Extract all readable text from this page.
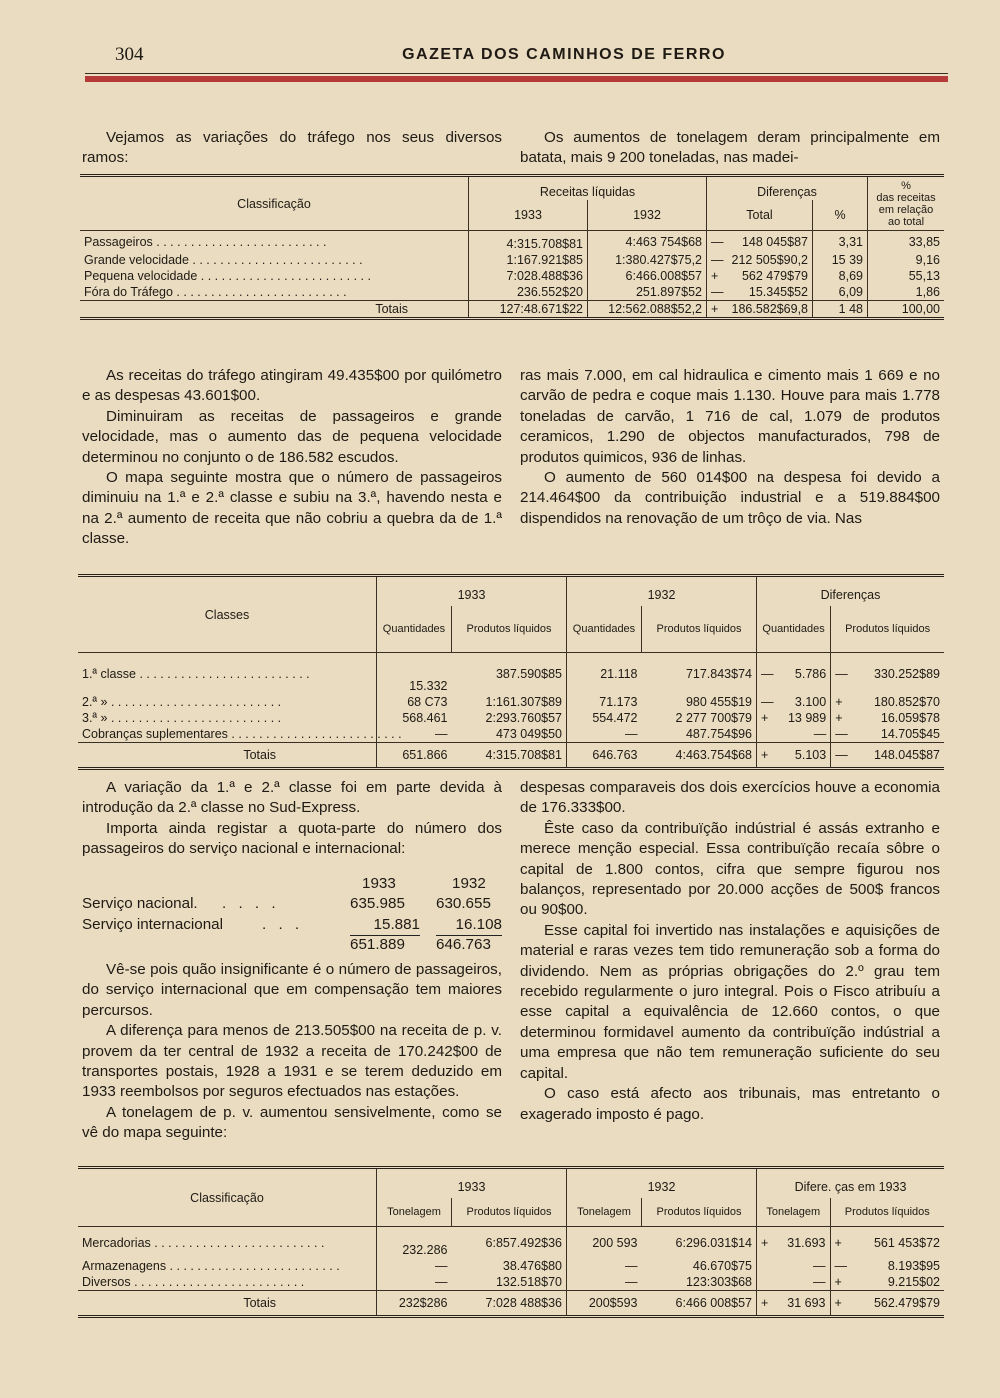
304	GAZETA DOS CAMINHOS DE FERRO

Vejamos as variações do tráfego nos seus diversos ramos:

Os aumentos de tonelagem deram principalmente em batata, mais 9 200 toneladas, nas madei-

Classificação	Receitas líquidas		Diferenças			%
das receitas em relação ao total
	1933	1932	Total		%	
Passageiros . . . . . . . . . . . . . . . . . . . . . . . . .	4:315.708$81	4:463 754$68	—	148 045$87	3,31	33,85
Grande velocidade . . . . . . . . . . . . . . . . . . . . . . . . .	1:167.921$85	1:380.427$75,2	—	212 505$90,2	15 39	9,16
Pequena velocidade . . . . . . . . . . . . . . . . . . . . . . . . .	7:028.488$36	6:466.008$57	+	562 479$79	8,69	55,13
Fóra do Tráfego . . . . . . . . . . . . . . . . . . . . . . . . .	236.552$20	251.897$52	—	15.345$52	6,09	1,86
Totais	127:48.671$22	12:562.088$52,2	+	186.582$69,8	1 48	100,00

As receitas do tráfego atingiram 49.435$00 por quilómetro e as despesas 43.601$00.

Diminuiram as receitas de passageiros e grande velocidade, mas o aumento das de pequena velocidade determinou no conjunto o de 186.582 escudos.

O mapa seguinte mostra que o número de passageiros diminuiu na 1.ª e 2.ª classe e subiu na 3.ª, havendo nesta e na 2.ª aumento de receita que não cobriu a quebra da de 1.ª classe.

ras mais 7.000, em cal hidraulica e cimento mais 1 669 e no carvão de pedra e coque mais 1.130. Houve para mais 1.778 toneladas de carvão, 1 716 de cal, 1.079 de produtos ceramicos, 1.290 de objectos manufacturados, 798 de produtos quimicos, 936 de linhas.

O aumento de 560 014$00 na despesa foi devido a 214.464$00 da contribuição industrial e a 519.884$00 dispendidos na renovação de um trôço de via. Nas

Classes	1933		1932		Diferenças			
	Quantidades	Produtos líquidos	Quantidades	Produtos líquidos	Quantidades		Produtos líquidos	
1.ª classe . . . . . . . . . . . . . . . . . . . . . . . . .	15.332	387.590$85	21.118	717.843$74	—	5.786	—	330.252$89
2.ª » . . . . . . . . . . . . . . . . . . . . . . . . .	68 C73	1:161.307$89	71.173	980 455$19	—	3.100	+	180.852$70
3.ª » . . . . . . . . . . . . . . . . . . . . . . . . .	568.461	2:293.760$57	554.472	2 277 700$79	+	13 989	+	16.059$78
Cobranças suplementares . . . . . . . . . . . . . . . . . . . . . . . . .	—	473 049$50	—	487.754$96		—	—	14.705$45
Totais	651.866	4:315.708$81	646.763	4:463.754$68	+	5.103	—	148.045$87

A variação da 1.ª e 2.ª classe foi em parte devida à introdução da 2.ª classe no Sud-Express.

Importa ainda registar a quota-parte do número dos passageiros do serviço nacional e internacional:

1933	1932
Serviço nacional. . . . .	635.985 630.655
Serviço internacional	. . .	15.881	16.108
651.889 646.763

Vê-se pois quão insignificante é o número de passageiros, do serviço internacional que em compensação tem maiores percursos.

A diferença para menos de 213.505$00 na receita de p. v. provem da ter central de 1932 a receita de 170.242$00 de transportes postais, 1928 a 1931 e se terem deduzido em 1933 reembolsos por seguros efectuados nas estações.

A tonelagem de p. v. aumentou sensivelmente, como se vê do mapa seguinte:

despesas comparaveis dos dois exercícios houve a economia de 176.333$00.

Êste caso da contribuïção indústrial é assás extranho e merece menção especial. Essa contribuïção recaía sôbre o capital de 1.800 contos, cifra que sempre figurou nos balanços, representado por 20.000 acções de 500$ francos ou 90$00.

Esse capital foi invertido nas instalações e aquisições de material e raras vezes tem tido remuneração sob a forma do dividendo. Nem as próprias obrigações do 2.º grau tem recebido regularmente o juro integral. Pois o Fisco atribuíu a esse capital a equivalência de 12.660 contos, o que determinou formidavel aumento da contribuïção indústrial a uma empresa que não tem remuneração suficiente do seu capital.

O caso está afecto aos tribunais, mas entretanto o exagerado imposto é pago.

Classificação	1933		1932		Difere. ças em 1933			
	Tonelagem	Produtos líquidos	Tonelagem	Produtos líquidos	Tonelagem		Produtos líquidos	
Mercadorias . . . . . . . . . . . . . . . . . . . . . . . . .	232.286	6:857.492$36	200 593	6:296.031$14	+	31.693	+	561 453$72
Armazenagens . . . . . . . . . . . . . . . . . . . . . . . . .	—	38.476$80	—	46.670$75		—	—	8.193$95
Diversos . . . . . . . . . . . . . . . . . . . . . . . . .	—	132.518$70	—	123:303$68		—	+	9.215$02
Totais	232$286	7:028 488$36	200$593	6:466 008$57	+	31 693	+	562.479$79
